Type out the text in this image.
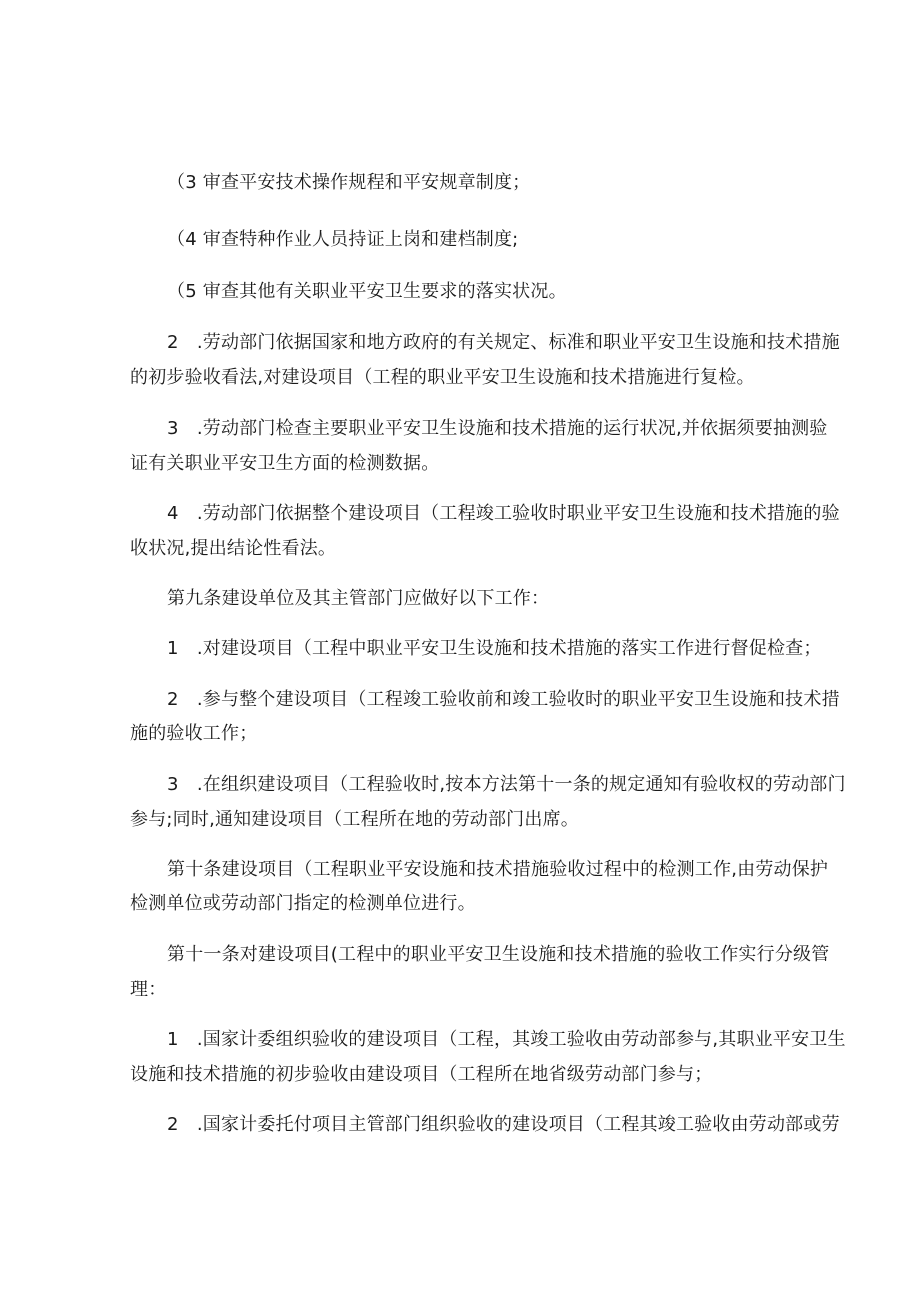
（3 审查平安技术操作规程和平安规章制度；

（4 审查特种作业人员持证上岗和建档制度;

（5 审查其他有关职业平安卫生要求的落实状况。

2　.劳动部门依据国家和地方政府的有关规定、标准和职业平安卫生设施和技术措施

的初步验收看法,对建设项目（工程的职业平安卫生设施和技术措施进行复检。

3　.劳动部门检查主要职业平安卫生设施和技术措施的运行状况,并依据须要抽测验

证有关职业平安卫生方面的检测数据。

4　.劳动部门依据整个建设项目（工程竣工验收时职业平安卫生设施和技术措施的验

收状况,提出结论性看法。

第九条建设单位及其主管部门应做好以下工作：

1　.对建设项目（工程中职业平安卫生设施和技术措施的落实工作进行督促检查；

2　.参与整个建设项目（工程竣工验收前和竣工验收时的职业平安卫生设施和技术措

施的验收工作；

3　.在组织建设项目（工程验收时,按本方法第十一条的规定通知有验收权的劳动部门

参与;同时,通知建设项目（工程所在地的劳动部门出席。

第十条建设项目（工程职业平安设施和技术措施验收过程中的检测工作,由劳动保护

检测单位或劳动部门指定的检测单位进行。

第十一条对建设项目(工程中的职业平安卫生设施和技术措施的验收工作实行分级管

理：

1　.国家计委组织验收的建设项目（工程，其竣工验收由劳动部参与,其职业平安卫生

设施和技术措施的初步验收由建设项目（工程所在地省级劳动部门参与；

2　.国家计委托付项目主管部门组织验收的建设项目（工程其竣工验收由劳动部或劳
